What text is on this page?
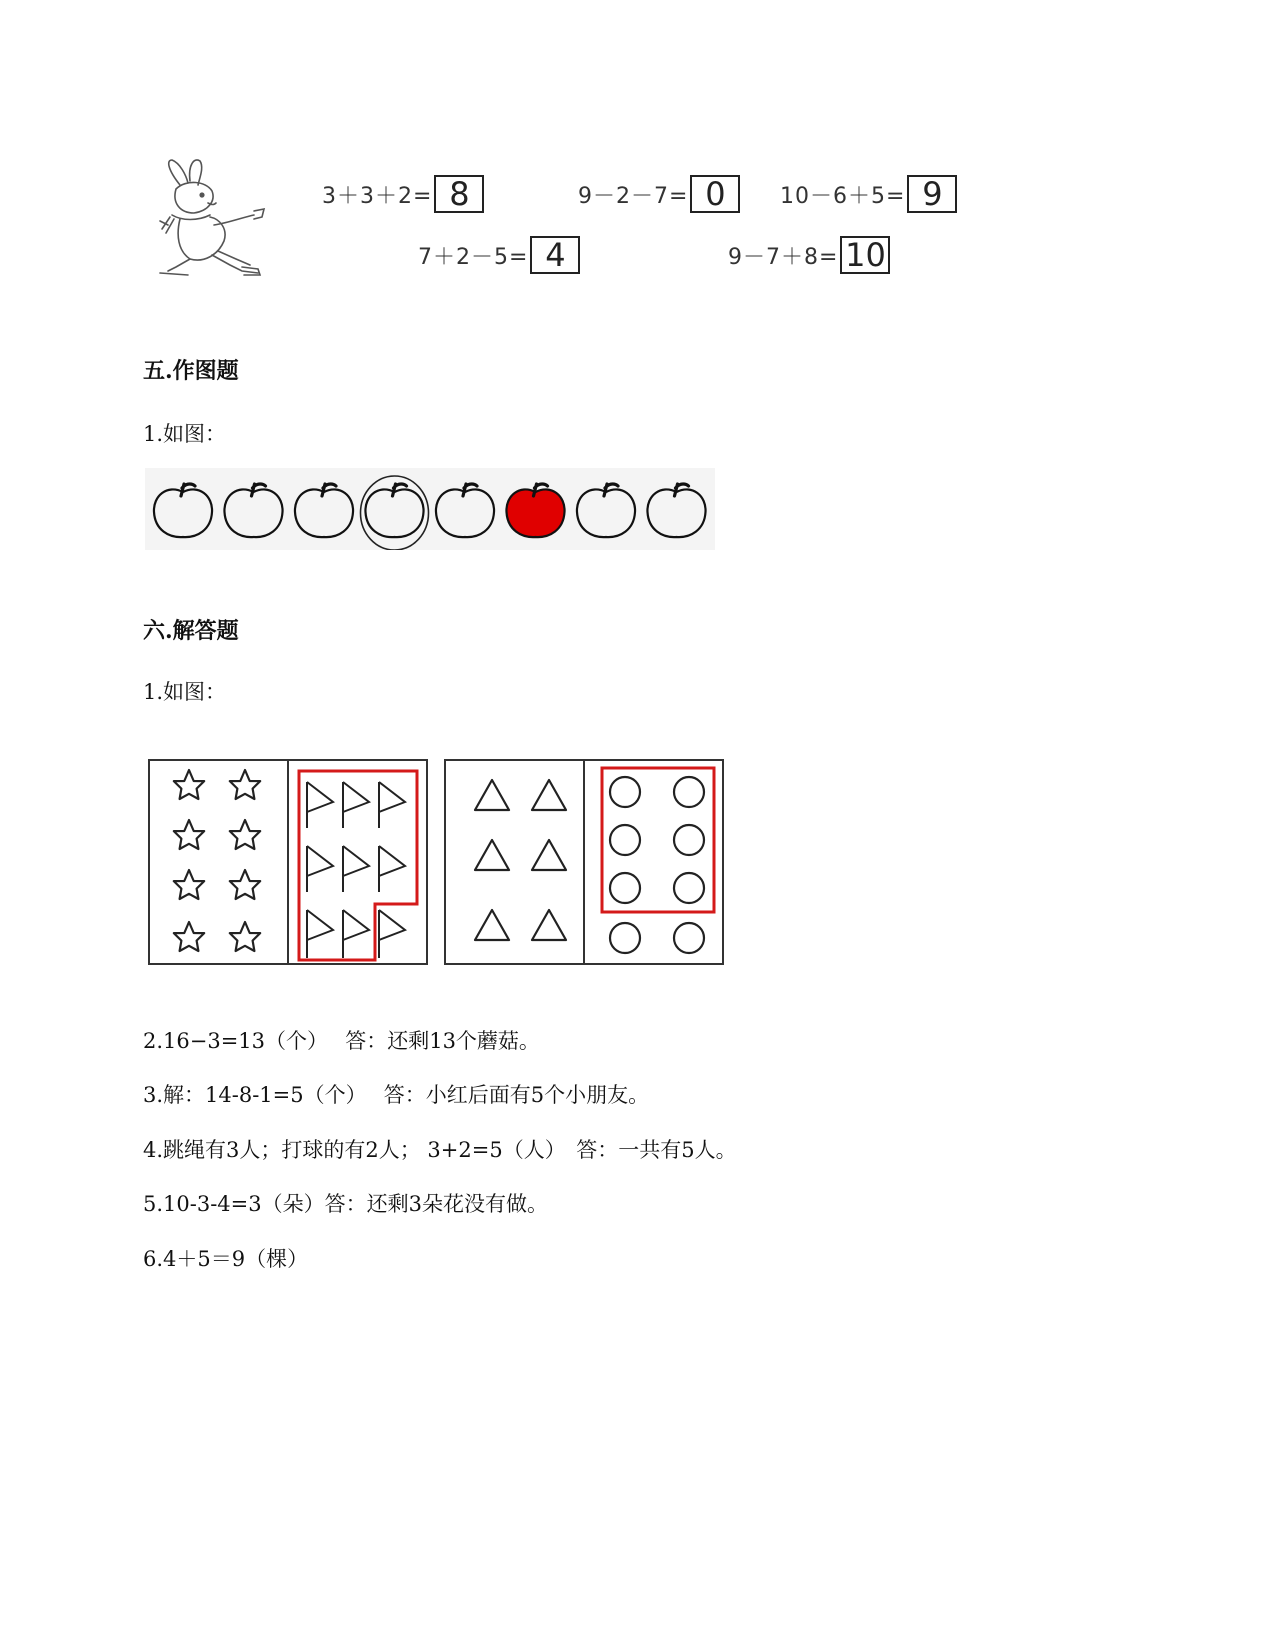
3＋3＋2= 8	9－2－7= 0	10－6＋5= 9
7＋2－5= 4	9－7＋8= 10
五.作图题
1.如图：
六.解答题
1.如图：
2.16−3=13（个）　 答：还剩13个蘑菇。
3.解：14-8-1=5（个）　 答：小红后面有5个小朋友。
4.跳绳有3人；打球的有2人； 3+2=5（人）　答：一共有5人。
5.10-3-4=3（朵）答：还剩3朵花没有做。
6.4＋5＝9（棵）
